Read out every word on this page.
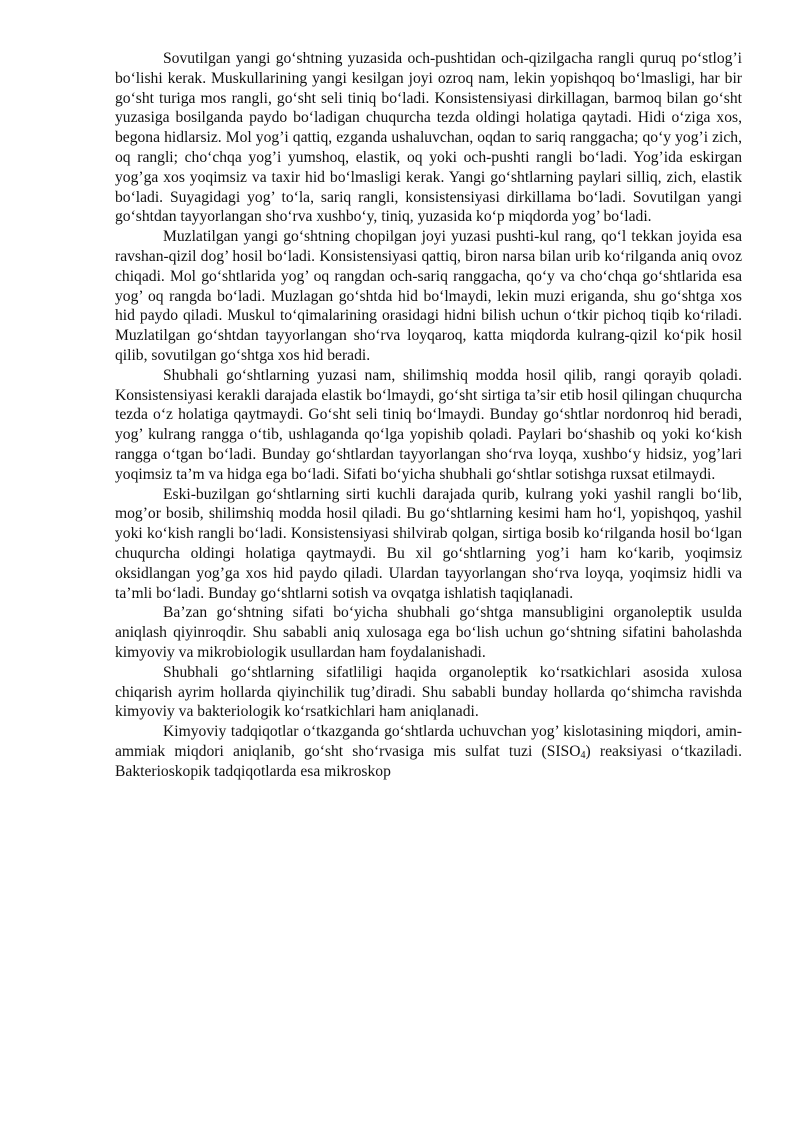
Sovutilgan yangi go‘shtning yuzasida och-pushtidan och-qizilgacha rangli quruq po‘stlog’i bo‘lishi kerak. Muskullarining yangi kesilgan joyi ozroq nam, lekin yopishqoq bo‘lmasligi, har bir go‘sht turiga mos rangli, go‘sht seli tiniq bo‘ladi. Konsistensiyasi dirkillagan, barmoq bilan go‘sht yuzasiga bosilganda paydo bo‘ladigan chuqurcha tezda oldingi holatiga qaytadi. Hidi o‘ziga xos, begona hidlarsiz. Mol yog’i qattiq, ezganda ushaluvchan, oqdan to sariq ranggacha; qo‘y yog’i zich, oq rangli; cho‘chqa yog’i yumshoq, elastik, oq yoki och-pushti rangli bo‘ladi. Yog’ida eskirgan yog’ga xos yoqimsiz va taxir hid bo‘lmasligi kerak. Yangi go‘shtlarning paylari silliq, zich, elastik bo‘ladi. Suyagidagi yog’ to‘la, sariq rangli, konsistensiyasi dirkillama bo‘ladi. Sovutilgan yangi go‘shtdan tayyorlangan sho‘rva xushbo‘y, tiniq, yuzasida ko‘p miqdorda yog’ bo‘ladi.

Muzlatilgan yangi go‘shtning chopilgan joyi yuzasi pushti-kul rang, qo‘l tekkan joyida esa ravshan-qizil dog’ hosil bo‘ladi. Konsistensiyasi qattiq, biron narsa bilan urib ko‘rilganda aniq ovoz chiqadi. Mol go‘shtlarida yog’ oq rangdan och-sariq ranggacha, qo‘y va cho‘chqa go‘shtlarida esa yog’ oq rangda bo‘ladi. Muzlagan go‘shtda hid bo‘lmaydi, lekin muzi eriganda, shu go‘shtga xos hid paydo qiladi. Muskul to‘qimalarining orasidagi hidni bilish uchun o‘tkir pichoq tiqib ko‘riladi. Muzlatilgan go‘shtdan tayyorlangan sho‘rva loyqaroq, katta miqdorda kulrang-qizil ko‘pik hosil qilib, sovutilgan go‘shtga xos hid beradi.

Shubhali go‘shtlarning yuzasi nam, shilimshiq modda hosil qilib, rangi qorayib qoladi. Konsistensiyasi kerakli darajada elastik bo‘lmaydi, go‘sht sirtiga ta’sir etib hosil qilingan chuqurcha tezda o‘z holatiga qaytmaydi. Go‘sht seli tiniq bo‘lmaydi. Bunday go‘shtlar nordonroq hid beradi, yog’ kulrang rangga o‘tib, ushlaganda qo‘lga yopishib qoladi. Paylari bo‘shashib oq yoki ko‘kish rangga o‘tgan bo‘ladi. Bunday go‘shtlardan tayyorlangan sho‘rva loyqa, xushbo‘y hidsiz, yog’lari yoqimsiz ta’m va hidga ega bo‘ladi. Sifati bo‘yicha shubhali go‘shtlar sotishga ruxsat etilmaydi.

Eski-buzilgan go‘shtlarning sirti kuchli darajada qurib, kulrang yoki yashil rangli bo‘lib, mog’or bosib, shilimshiq modda hosil qiladi. Bu go‘shtlarning kesimi ham ho‘l, yopishqoq, yashil yoki ko‘kish rangli bo‘ladi. Konsistensiyasi shilvirab qolgan, sirtiga bosib ko‘rilganda hosil bo‘lgan chuqurcha oldingi holatiga qaytmaydi. Bu xil go‘shtlarning yog’i ham ko‘karib, yoqimsiz oksidlangan yog’ga xos hid paydo qiladi. Ulardan tayyorlangan sho‘rva loyqa, yoqimsiz hidli va ta’mli bo‘ladi. Bunday go‘shtlarni sotish va ovqatga ishlatish taqiqlanadi.

Ba’zan go‘shtning sifati bo‘yicha shubhali go‘shtga mansubligini organoleptik usulda aniqlash qiyinroqdir. Shu sababli aniq xulosaga ega bo‘lish uchun go‘shtning sifatini baholashda kimyoviy va mikrobiologik usullardan ham foydalanishadi.

Shubhali go‘shtlarning sifatliligi haqida organoleptik ko‘rsatkichlari asosida xulosa chiqarish ayrim hollarda qiyinchilik tug’diradi. Shu sababli bunday hollarda qo‘shimcha ravishda kimyoviy va bakteriologik ko‘rsatkichlari ham aniqlanadi.

Kimyoviy tadqiqotlar o‘tkazganda go‘shtlarda uchuvchan yog’ kislotasining miqdori, amin-ammiak miqdori aniqlanib, go‘sht sho‘rvasiga mis sulfat tuzi $(SISO_4)$ reaksiyasi o‘tkaziladi. Bakterioskopik tadqiqotlarda esa mikroskop
